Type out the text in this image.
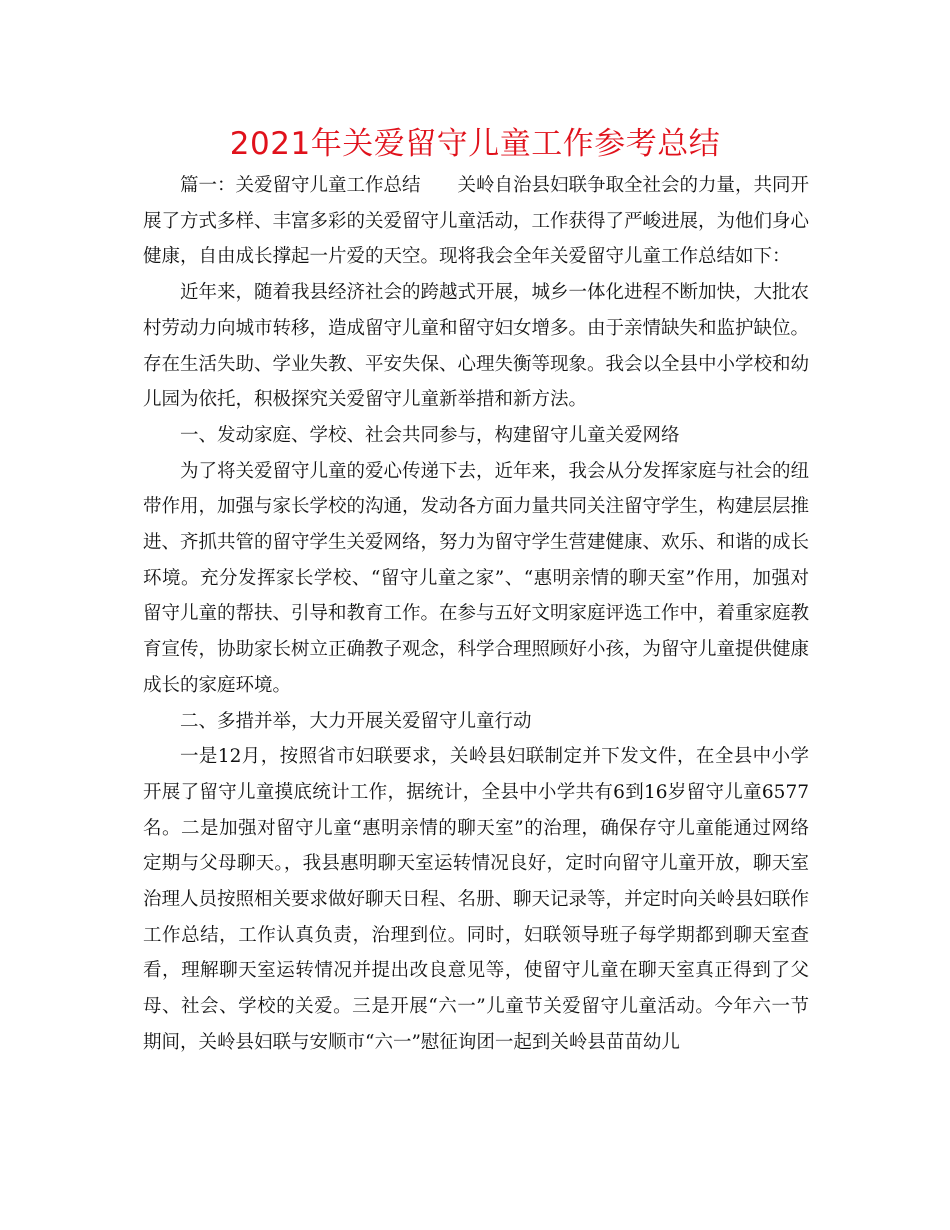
2021年关爱留守儿童工作参考总结

篇一：关爱留守儿童工作总结　　关岭自治县妇联争取全社会的力量，共同开展了方式多样、丰富多彩的关爱留守儿童活动，工作获得了严峻进展，为他们身心健康，自由成长撑起一片爱的天空。现将我会全年关爱留守儿童工作总结如下：

近年来，随着我县经济社会的跨越式开展，城乡一体化进程不断加快，大批农村劳动力向城市转移，造成留守儿童和留守妇女增多。由于亲情缺失和监护缺位。存在生活失助、学业失教、平安失保、心理失衡等现象。我会以全县中小学校和幼儿园为依托，积极探究关爱留守儿童新举措和新方法。

一、发动家庭、学校、社会共同参与，构建留守儿童关爱网络

为了将关爱留守儿童的爱心传递下去，近年来，我会从分发挥家庭与社会的纽带作用，加强与家长学校的沟通，发动各方面力量共同关注留守学生，构建层层推进、齐抓共管的留守学生关爱网络，努力为留守学生营建健康、欢乐、和谐的成长环境。充分发挥家长学校、“留守儿童之家”、“惠明亲情的聊天室”作用，加强对留守儿童的帮扶、引导和教育工作。在参与五好文明家庭评选工作中，着重家庭教育宣传，协助家长树立正确教子观念，科学合理照顾好小孩，为留守儿童提供健康成长的家庭环境。

二、多措并举，大力开展关爱留守儿童行动

一是12月，按照省市妇联要求，关岭县妇联制定并下发文件，在全县中小学开展了留守儿童摸底统计工作，据统计，全县中小学共有6到16岁留守儿童6577名。二是加强对留守儿童“惠明亲情的聊天室”的治理，确保存守儿童能通过网络定期与父母聊天。，我县惠明聊天室运转情况良好，定时向留守儿童开放，聊天室治理人员按照相关要求做好聊天日程、名册、聊天记录等，并定时向关岭县妇联作工作总结，工作认真负责，治理到位。同时，妇联领导班子每学期都到聊天室查看，理解聊天室运转情况并提出改良意见等，使留守儿童在聊天室真正得到了父母、社会、学校的关爱。三是开展“六一”儿童节关爱留守儿童活动。今年六一节期间，关岭县妇联与安顺市“六一”慰征询团一起到关岭县苗苗幼儿
